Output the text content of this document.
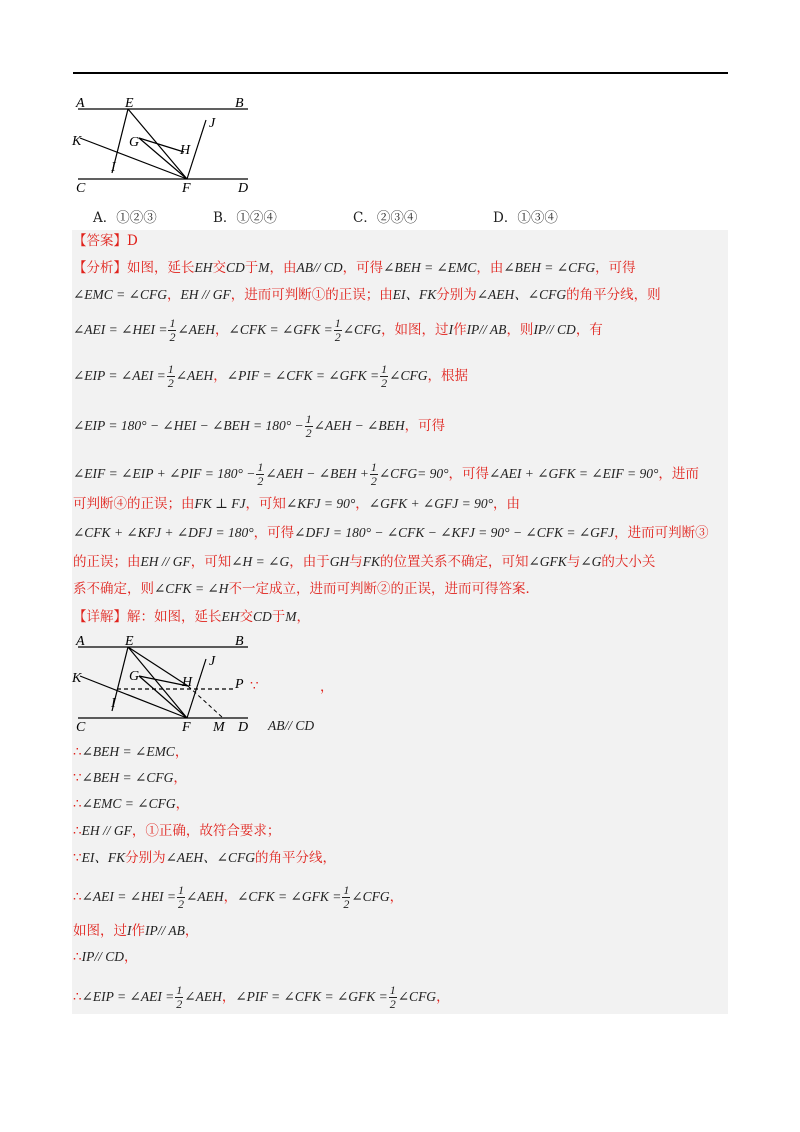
A	E	B
J
G
H
K
I
C	F	D
A．①②③	B．①②④	C．②③④	D．①③④
【答案】D
【分析】如图，延长EH交CD于M，由AB// CD，可得∠BEH = ∠EMC，由∠BEH = ∠CFG，可得
∠EMC = ∠CFG，EH // GF，进而可判断①的正误；由EI、FK分别为∠AEH、∠CFG的角平分线，则
∠AEI = ∠HEI = $\frac{1}{2}$ ∠AEH，∠CFK = ∠GFK = $\frac{1}{2}$ ∠CFG，如图，过I作IP// AB，则IP// CD，有
∠EIP = ∠AEI = $\frac{1}{2}$ ∠AEH，∠PIF = ∠CFK = ∠GFK = $\frac{1}{2}$ ∠CFG，根据
∠EIP = 180° − ∠HEI − ∠BEH = $180^\circ - \frac{1}{2}$ ∠AEH − ∠BEH，可得
∠EIF = ∠EIP + ∠PIF = $180^\circ - \frac{1}{2}$ ∠AEH − ∠BEH + $\frac{1}{2}$ ∠CFG= 90°，可得∠AEI + ∠GFK = ∠EIF = 90°，进而
可判断④的正误；由FK ⊥ FJ，可知∠KFJ = 90°，∠GFK + ∠GFJ = 90°，由
∠CFK + ∠KFJ + ∠DFJ = 180°，可得∠DFJ = 180° − ∠CFK − ∠KFJ = 90° − ∠CFK = ∠GFJ，进而可判断③
的正误；由EH // GF，可知∠H = ∠G，由于GH与FK的位置关系不确定，可知∠GFK与∠G的大小关
系不确定，则∠CFK = ∠H不一定成立，进而可判断②的正误，进而可得答案．
【详解】解：如图，延长EH交CD于M，
A	E	B
J
G	H	P
K
I
C	F M D
∵	，
AB// CD
∴∠BEH = ∠EMC，
∵∠BEH = ∠CFG，
∴∠EMC = ∠CFG，
∴EH // GF，①正确，故符合要求；
∵EI、FK分别为∠AEH、∠CFG的角平分线，
∴∠AEI = ∠HEI = $\frac{1}{2}$ ∠AEH，∠CFK = ∠GFK = $\frac{1}{2}$ ∠CFG，
如图，过I作IP// AB，
∴IP// CD，
∴∠EIP = ∠AEI = $\frac{1}{2}$ ∠AEH，∠PIF = ∠CFK = ∠GFK = $\frac{1}{2}$ ∠CFG，
